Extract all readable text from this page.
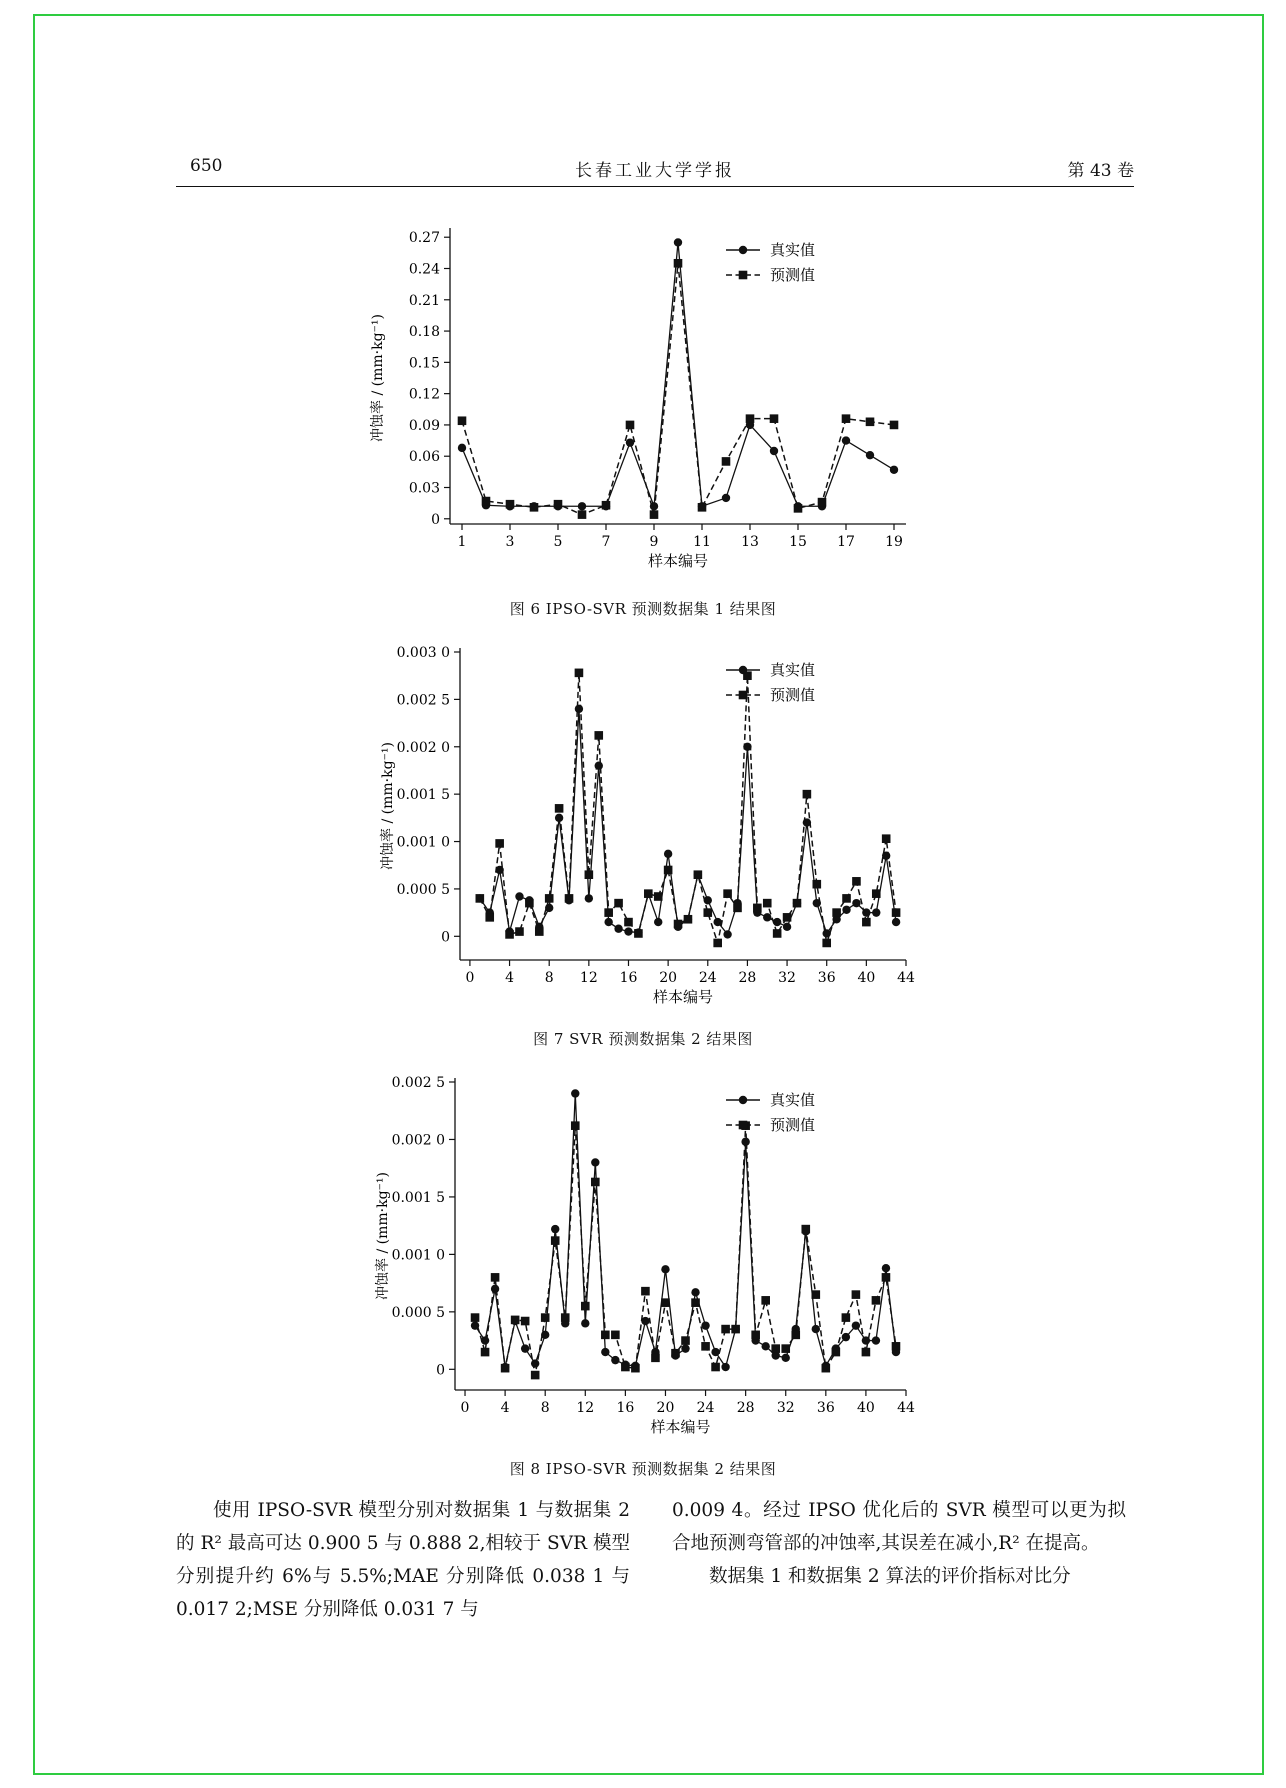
650	长春工业大学学报	第 43 卷
0
0.03
0.06
0.09
0.12
0.15
0.18
0.21
0.24
0.27
1	3	5	7	9 11 13 15 17 19
样本编号
冲蚀率 / (mm·kg⁻¹)
真实值
预测值
图 6 IPSO-SVR 预测数据集 1 结果图
0
0.000 5
0.001 0
0.001 5
0.002 0
0.002 5
0.003 0
0 4 8 12 16 20 24 28 32 36 40 44
样本编号
冲蚀率 / (mm·kg⁻¹)
真实值
预测值
图 7 SVR 预测数据集 2 结果图
0
0.000 5
0.001 0
0.001 5
0.002 0
0.002 5
0 4 8 12 16 20 24 28 32 36 40 44
样本编号
冲蚀率 / (mm·kg⁻¹)
真实值
预测值
图 8 IPSO-SVR 预测数据集 2 结果图

使用 IPSO-SVR 模型分别对数据集 1 与数据集 2 的 R² 最高可达 0.900 5 与 0.888 2,相较于 SVR 模型分别提升约 6%与 5.5%;MAE 分别降低 0.038 1 与 0.017 2;MSE 分别降低 0.031 7 与

0.009 4。经过 IPSO 优化后的 SVR 模型可以更为拟合地预测弯管部的冲蚀率,其误差在减小,R² 在提高。

数据集 1 和数据集 2 算法的评价指标对比分
